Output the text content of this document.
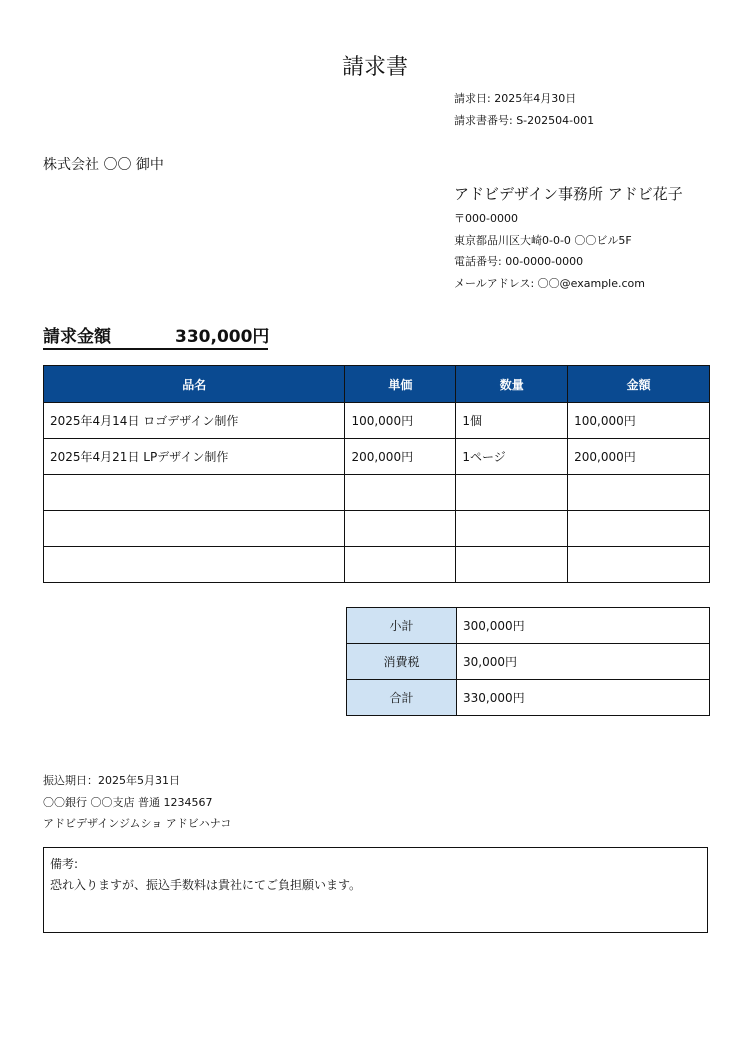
請求書
請求日: 2025年4月30日
請求書番号: S-202504-001
株式会社 〇〇 御中
アドビデザイン事務所 アドビ花子
〒000-0000
東京都品川区大崎0-0-0 〇〇ビル5F
電話番号: 00-0000-0000
メールアドレス: 〇〇@example.com
請求金額	330,000円
品名	単価	数量	金額
2025年4月14日 ロゴデザイン制作	100,000円	1個	100,000円
2025年4月21日 LPデザイン制作	200,000円	1ページ	200,000円

小計	300,000円
消費税	30,000円
合計	330,000円
振込期日：2025年5月31日
〇〇銀行 〇〇支店 普通 1234567
アドビデザインジムショ アドビハナコ
備考:
恐れ入りますが、振込手数料は貴社にてご負担願います。
